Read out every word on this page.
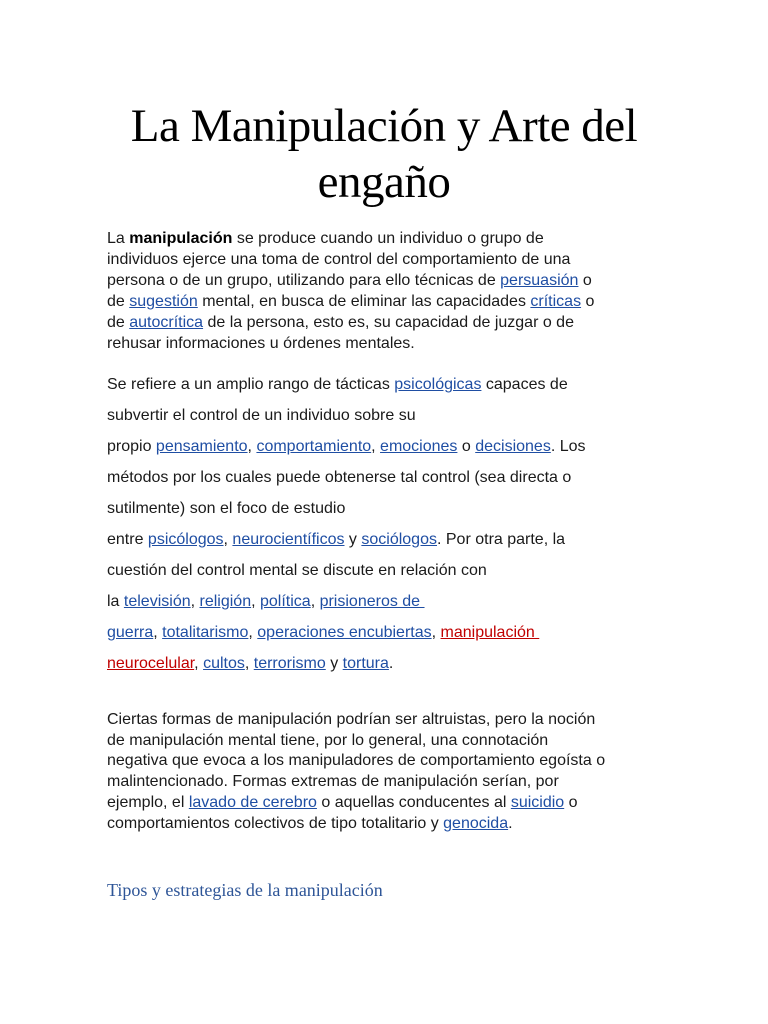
La Manipulación y Arte del
engaño

La manipulación se produce cuando un individuo o grupo de
individuos ejerce una toma de control del comportamiento de una
persona o de un grupo, utilizando para ello técnicas de persuasión o
de sugestión mental, en busca de eliminar las capacidades críticas o
de autocrítica de la persona, esto es, su capacidad de juzgar o de
rehusar informaciones u órdenes mentales.

Se refiere a un amplio rango de tácticas psicológicas capaces de
subvertir el control de un individuo sobre su
propio pensamiento, comportamiento, emociones o decisiones. Los
métodos por los cuales puede obtenerse tal control (sea directa o
sutilmente) son el foco de estudio
entre psicólogos, neurocientíficos y sociólogos. Por otra parte, la
cuestión del control mental se discute en relación con
la televisión, religión, política, prisioneros de
guerra, totalitarismo, operaciones encubiertas, manipulación
neurocelular, cultos, terrorismo y tortura.

Ciertas formas de manipulación podrían ser altruistas, pero la noción
de manipulación mental tiene, por lo general, una connotación
negativa que evoca a los manipuladores de comportamiento egoísta o
malintencionado. Formas extremas de manipulación serían, por
ejemplo, el lavado de cerebro o aquellas conducentes al suicidio o
comportamientos colectivos de tipo totalitario y genocida.

Tipos y estrategias de la manipulación
